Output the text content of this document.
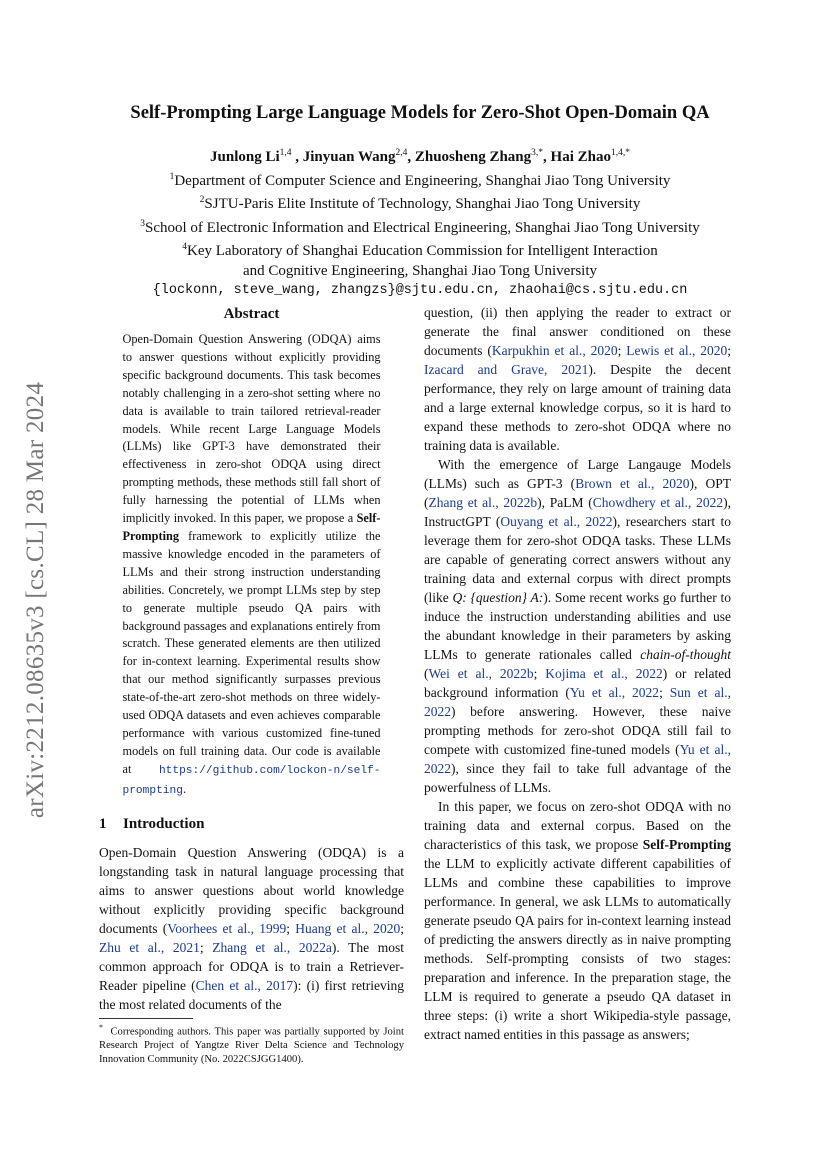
arXiv:2212.08635v3 [cs.CL] 28 Mar 2024
Self-Prompting Large Language Models for Zero-Shot Open-Domain QA
Junlong Li$^{1,4}$ , Jinyuan Wang$^{2,4}$, Zhuosheng Zhang$^{3,*}$, Hai Zhao$^{1,4,*}$
$^1$Department of Computer Science and Engineering, Shanghai Jiao Tong University
$^2$SJTU-Paris Elite Institute of Technology, Shanghai Jiao Tong University
$^3$School of Electronic Information and Electrical Engineering, Shanghai Jiao Tong University
$^4$Key Laboratory of Shanghai Education Commission for Intelligent Interaction
and Cognitive Engineering, Shanghai Jiao Tong University
{lockonn, steve_wang, zhangzs}@sjtu.edu.cn, zhaohai@cs.sjtu.edu.cn

Abstract

Open-Domain Question Answering (ODQA) aims to answer questions without explicitly providing specific background documents. This task becomes notably challenging in a zero-shot setting where no data is available to train tailored retrieval-reader models. While recent Large Language Models (LLMs) like GPT-3 have demonstrated their effectiveness in zero-shot ODQA using direct prompting methods, these methods still fall short of fully harnessing the potential of LLMs when implicitly invoked. In this paper, we propose a Self-Prompting framework to explicitly utilize the massive knowledge encoded in the parameters of LLMs and their strong instruction understanding abilities. Concretely, we prompt LLMs step by step to generate multiple pseudo QA pairs with background passages and explanations entirely from scratch. These generated elements are then utilized for in-context learning. Experimental results show that our method significantly surpasses previous state-of-the-art zero-shot methods on three widely-used ODQA datasets and even achieves comparable performance with various customized fine-tuned models on full training data. Our code is available at https://github.com/lockon-n/self-prompting.

1 Introduction

Open-Domain Question Answering (ODQA) is a longstanding task in natural language processing that aims to answer questions about world knowledge without explicitly providing specific background documents (Voorhees et al., 1999; Huang et al., 2020; Zhu et al., 2021; Zhang et al., 2022a). The most common approach for ODQA is to train a Retriever-Reader pipeline (Chen et al., 2017): (i) first retrieving the most related documents of the

* Corresponding authors. This paper was partially supported by Joint Research Project of Yangtze River Delta Science and Technology Innovation Community (No. 2022CSJGG1400).

question, (ii) then applying the reader to extract or generate the final answer conditioned on these documents (Karpukhin et al., 2020; Lewis et al., 2020; Izacard and Grave, 2021). Despite the decent performance, they rely on large amount of training data and a large external knowledge corpus, so it is hard to expand these methods to zero-shot ODQA where no training data is available.

With the emergence of Large Langauge Models (LLMs) such as GPT-3 (Brown et al., 2020), OPT (Zhang et al., 2022b), PaLM (Chowdhery et al., 2022), InstructGPT (Ouyang et al., 2022), researchers start to leverage them for zero-shot ODQA tasks. These LLMs are capable of generating correct answers without any training data and external corpus with direct prompts (like Q: {question} A:). Some recent works go further to induce the instruction understanding abilities and use the abundant knowledge in their parameters by asking LLMs to generate rationales called chain-of-thought (Wei et al., 2022b; Kojima et al., 2022) or related background information (Yu et al., 2022; Sun et al., 2022) before answering. However, these naive prompting methods for zero-shot ODQA still fail to compete with customized fine-tuned models (Yu et al., 2022), since they fail to take full advantage of the powerfulness of LLMs.

In this paper, we focus on zero-shot ODQA with no training data and external corpus. Based on the characteristics of this task, we propose Self-Prompting the LLM to explicitly activate different capabilities of LLMs and combine these capabilities to improve performance. In general, we ask LLMs to automatically generate pseudo QA pairs for in-context learning instead of predicting the answers directly as in naive prompting methods. Self-prompting consists of two stages: preparation and inference. In the preparation stage, the LLM is required to generate a pseudo QA dataset in three steps: (i) write a short Wikipedia-style passage, extract named entities in this passage as answers;
